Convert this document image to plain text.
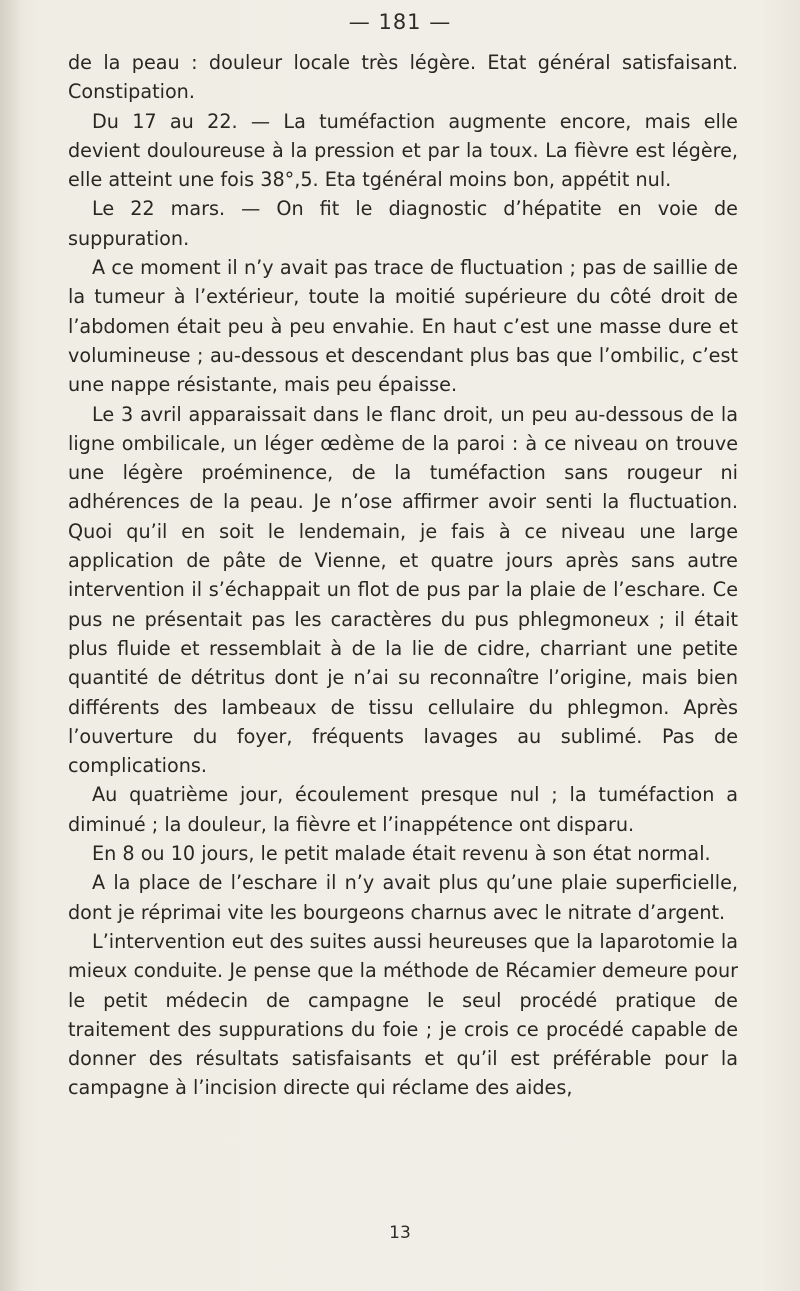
— 181 —

de la peau : douleur locale très légère. Etat général satisfaisant. Constipation.

Du 17 au 22. — La tuméfaction augmente encore, mais elle devient douloureuse à la pression et par la toux. La fièvre est légère, elle atteint une fois 38°,5. Eta tgénéral moins bon, appétit nul.

Le 22 mars. — On fit le diagnostic d’hépatite en voie de suppuration.

A ce moment il n’y avait pas trace de fluctuation ; pas de saillie de la tumeur à l’extérieur, toute la moitié supérieure du côté droit de l’abdomen était peu à peu envahie. En haut c’est une masse dure et volumineuse ; au-dessous et descendant plus bas que l’ombilic, c’est une nappe résistante, mais peu épaisse.

Le 3 avril apparaissait dans le flanc droit, un peu au-dessous de la ligne ombilicale, un léger œdème de la paroi : à ce niveau on trouve une légère proéminence, de la tuméfaction sans rougeur ni adhérences de la peau. Je n’ose affirmer avoir senti la fluctuation. Quoi qu’il en soit le lendemain, je fais à ce niveau une large application de pâte de Vienne, et quatre jours après sans autre intervention il s’échappait un flot de pus par la plaie de l’eschare. Ce pus ne présentait pas les caractères du pus phlegmoneux ; il était plus fluide et ressemblait à de la lie de cidre, charriant une petite quantité de détritus dont je n’ai su reconnaître l’origine, mais bien différents des lambeaux de tissu cellulaire du phlegmon. Après l’ouverture du foyer, fréquents lavages au sublimé. Pas de complications.

Au quatrième jour, écoulement presque nul ; la tuméfaction a diminué ; la douleur, la fièvre et l’inappétence ont disparu.

En 8 ou 10 jours, le petit malade était revenu à son état normal.

A la place de l’eschare il n’y avait plus qu’une plaie superficielle, dont je réprimai vite les bourgeons charnus avec le nitrate d’argent.

L’intervention eut des suites aussi heureuses que la laparotomie la mieux conduite. Je pense que la méthode de Récamier demeure pour le petit médecin de campagne le seul procédé pratique de traitement des suppurations du foie ; je crois ce procédé capable de donner des résultats satisfaisants et qu’il est préférable pour la campagne à l’incision directe qui réclame des aides,

13
